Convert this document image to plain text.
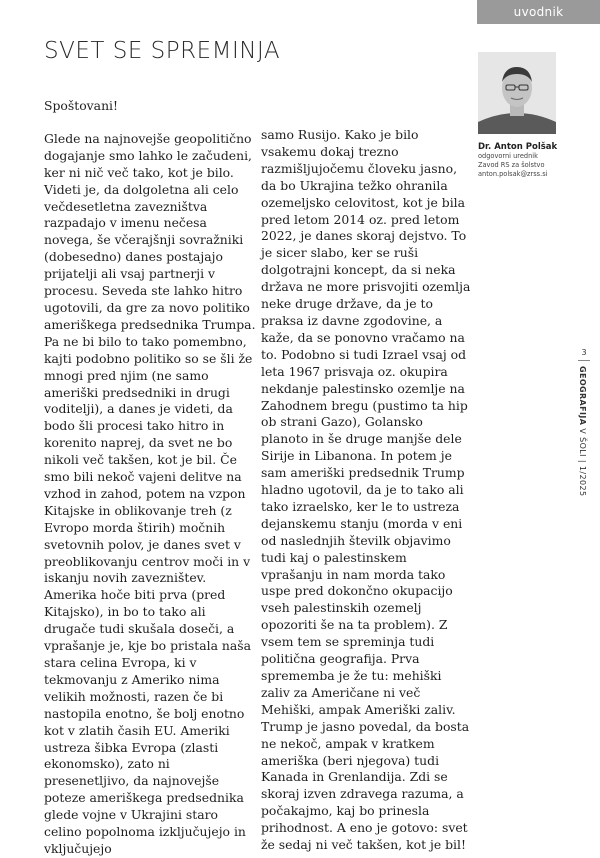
uvodnik
SVET SE SPREMINJA

Spoštovani!

Glede na najnovejše geopolitično dogajanje smo lahko le začudeni, ker ni nič več tako, kot je bilo. Videti je, da dolgoletna ali celo večdesetletna zavezništva razpadajo v imenu nečesa novega, še včerajšnji sovražniki (dobesedno) danes postajajo prijatelji ali vsaj partnerji v procesu. Seveda ste lahko hitro ugotovili, da gre za novo politiko ameriškega predsednika Trumpa. Pa ne bi bilo to tako pomembno, kajti podobno politiko so se šli že mnogi pred njim (ne samo ameriški predsedniki in drugi voditelji), a danes je videti, da bodo šli procesi tako hitro in korenito naprej, da svet ne bo nikoli več takšen, kot je bil. Če smo bili nekoč vajeni delitve na vzhod in zahod, potem na vzpon Kitajske in oblikovanje treh (z Evropo morda štirih) močnih svetovnih polov, je danes svet v preoblikovanju centrov moči in v iskanju novih zavezništev. Amerika hoče biti prva (pred Kitajsko), in bo to tako ali drugače tudi skušala doseči, a vprašanje je, kje bo pristala naša stara celina Evropa, ki v tekmovanju z Ameriko nima velikih možnosti, razen če bi nastopila enotno, še bolj enotno kot v zlatih časih EU. Ameriki ustreza šibka Evropa (zlasti ekonomsko), zato ni presenetljivo, da najnovejše poteze ameriškega predsednika glede vojne v Ukrajini staro celino popolnoma izključujejo in vključujejo

samo Rusijo. Kako je bilo vsakemu dokaj trezno razmišljujočemu človeku jasno, da bo Ukrajina težko ohranila ozemeljsko celovitost, kot je bila pred letom 2014 oz. pred letom 2022, je danes skoraj dejstvo. To je sicer slabo, ker se ruši dolgotrajni koncept, da si neka država ne more prisvojiti ozemlja neke druge države, da je to praksa iz davne zgodovine, a kaže, da se ponovno vračamo na to. Podobno si tudi Izrael vsaj od leta 1967 prisvaja oz. okupira nekdanje palestinsko ozemlje na Zahodnem bregu (pustimo ta hip ob strani Gazo), Golansko planoto in še druge manjše dele Sirije in Libanona. In potem je sam ameriški predsednik Trump hladno ugotovil, da je to tako ali tako izraelsko, ker le to ustreza dejanskemu stanju (morda v eni od naslednjih številk objavimo tudi kaj o palestinskem vprašanju in nam morda tako uspe pred dokončno okupacijo vseh palestinskih ozemelj opozoriti še na ta problem). Z vsem tem se spreminja tudi politična geografija. Prva sprememba je že tu: mehiški zaliv za Američane ni več Mehiški, ampak Ameriški zaliv. Trump je jasno povedal, da bosta ne nekoč, ampak v kratkem ameriška (beri njegova) tudi Kanada in Grenlandija. Zdi se skoraj izven zdravega razuma, a počakajmo, kaj bo prinesla prihodnost. A eno je gotovo: svet že sedaj ni več takšen, kot je bil!

Dr. Anton Polšak
odgovorni urednik
Zavod RS za šolstvo
anton.polsak@zrss.si
3
GEOGRAFIJA V ŠOLI | 1/2025
